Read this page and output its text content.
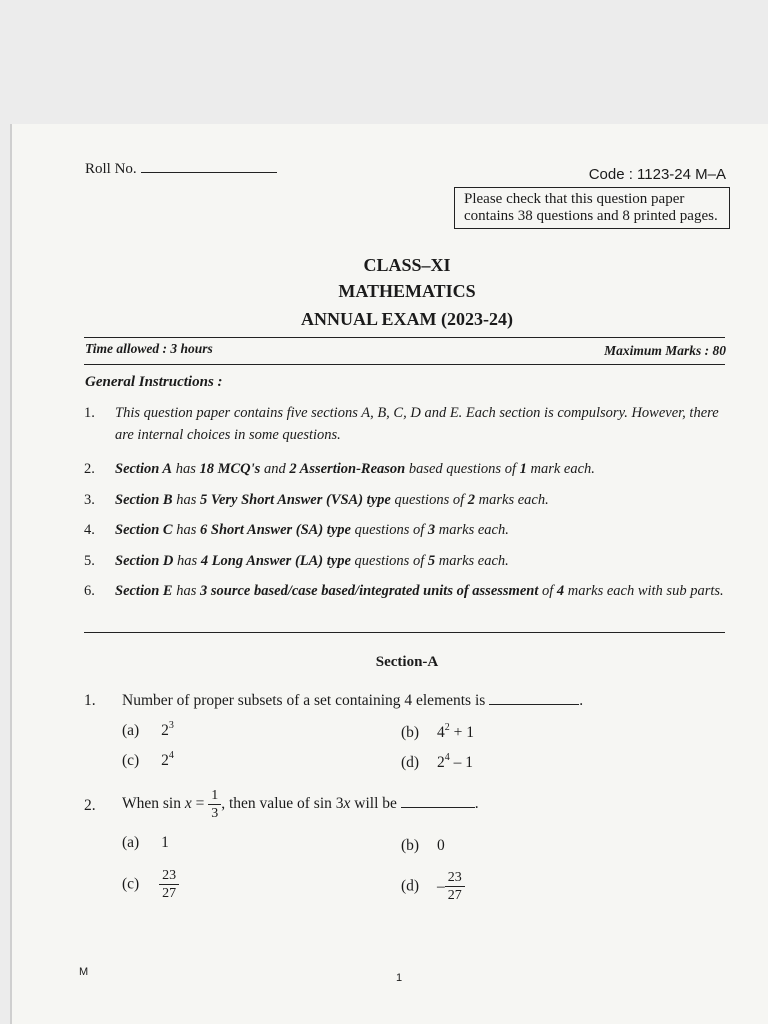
Roll No.	Code : 1123-24 M–A
Please check that this question paper contains 38 questions and 8 printed pages.
CLASS–XI
MATHEMATICS
ANNUAL EXAM (2023-24)
Time allowed : 3 hours	Maximum Marks : 80
General Instructions :
1. This question paper contains five sections A, B, C, D and E. Each section is compulsory. However, there are internal choices in some questions.
2. Section A has 18 MCQ's and 2 Assertion-Reason based questions of 1 mark each.
3. Section B has 5 Very Short Answer (VSA) type questions of 2 marks each.
4. Section C has 6 Short Answer (SA) type questions of 3 marks each.
5. Section D has 4 Long Answer (LA) type questions of 5 marks each.
6. Section E has 3 source based/case based/integrated units of assessment of 4 marks each with sub parts.
Section-A
1. Number of proper subsets of a set containing 4 elements is	.
(a) $2^3$	(b) $4^2 + 1$
(c) $2^4$	(d) $2^4 - 1$
2. When $\sin x = \frac{1}{3}$ , then value of sin 3x will be	.
(a) 1	(b) 0
$(c) \frac{23}{27}$	$(d) - \frac{23}{27}$
M	1
